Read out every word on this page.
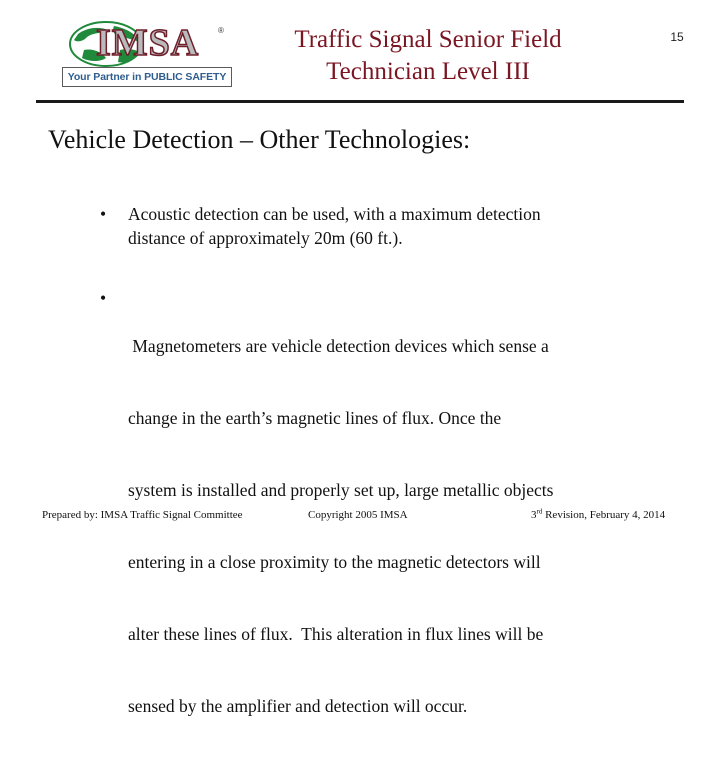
IMSA ®
Your Partner in PUBLIC SAFETY
Traffic Signal Senior Field
Technician Level III
15
Vehicle Detection – Other Technologies:
•	Acoustic detection can be used, with a maximum detection
distance of approximately 20m (60 ft.).
•

Magnetometers are vehicle detection devices which sense a

change in the earth’s magnetic lines of flux. Once the

system is installed and properly set up, large metallic objects

entering in a close proximity to the magnetic detectors will

alter these lines of flux.  This alteration in flux lines will be

sensed by the amplifier and detection will occur.

Prepared by: IMSA Traffic Signal Committee	Copyright 2005 IMSA	3rd Revision, February 4, 2014
